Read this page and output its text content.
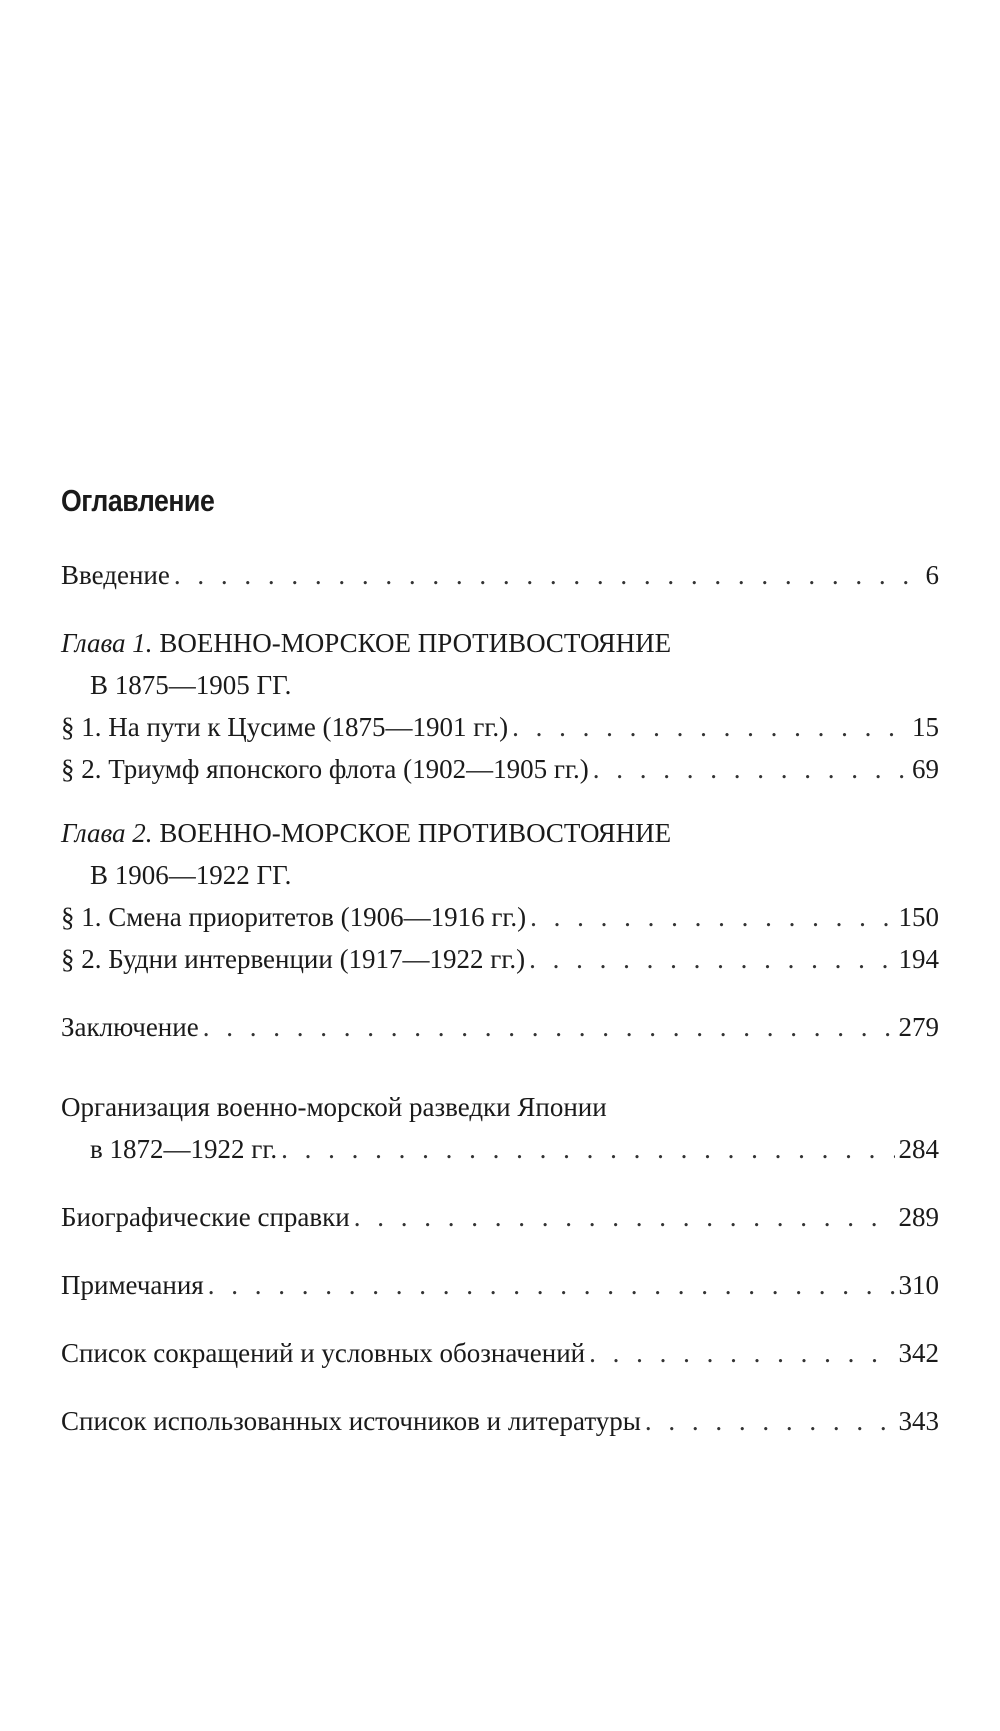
Оглавление
Введение . . .	6
Глава 1. ВОЕННО-МОРСКОЕ ПРОТИВОСТОЯНИЕ
В 1875—1905 ГГ.
§ 1. На пути к Цусиме (1875—1901 гг.) . . .	15
§ 2. Триумф японского флота (1902—1905 гг.) . . .	69
Глава 2. ВОЕННО-МОРСКОЕ ПРОТИВОСТОЯНИЕ
В 1906—1922 ГГ.
§ 1. Смена приоритетов (1906—1916 гг.) . . .	150
§ 2. Будни интервенции (1917—1922 гг.) . . .	194
Заключение . . .	279
Организация военно-морской разведки Японии
в 1872—1922 гг. . . .	284
Биографические справки . . .	289
Примечания . . .	310
Список сокращений и условных обозначений . . .	342
Список использованных источников и литературы . . .	343
